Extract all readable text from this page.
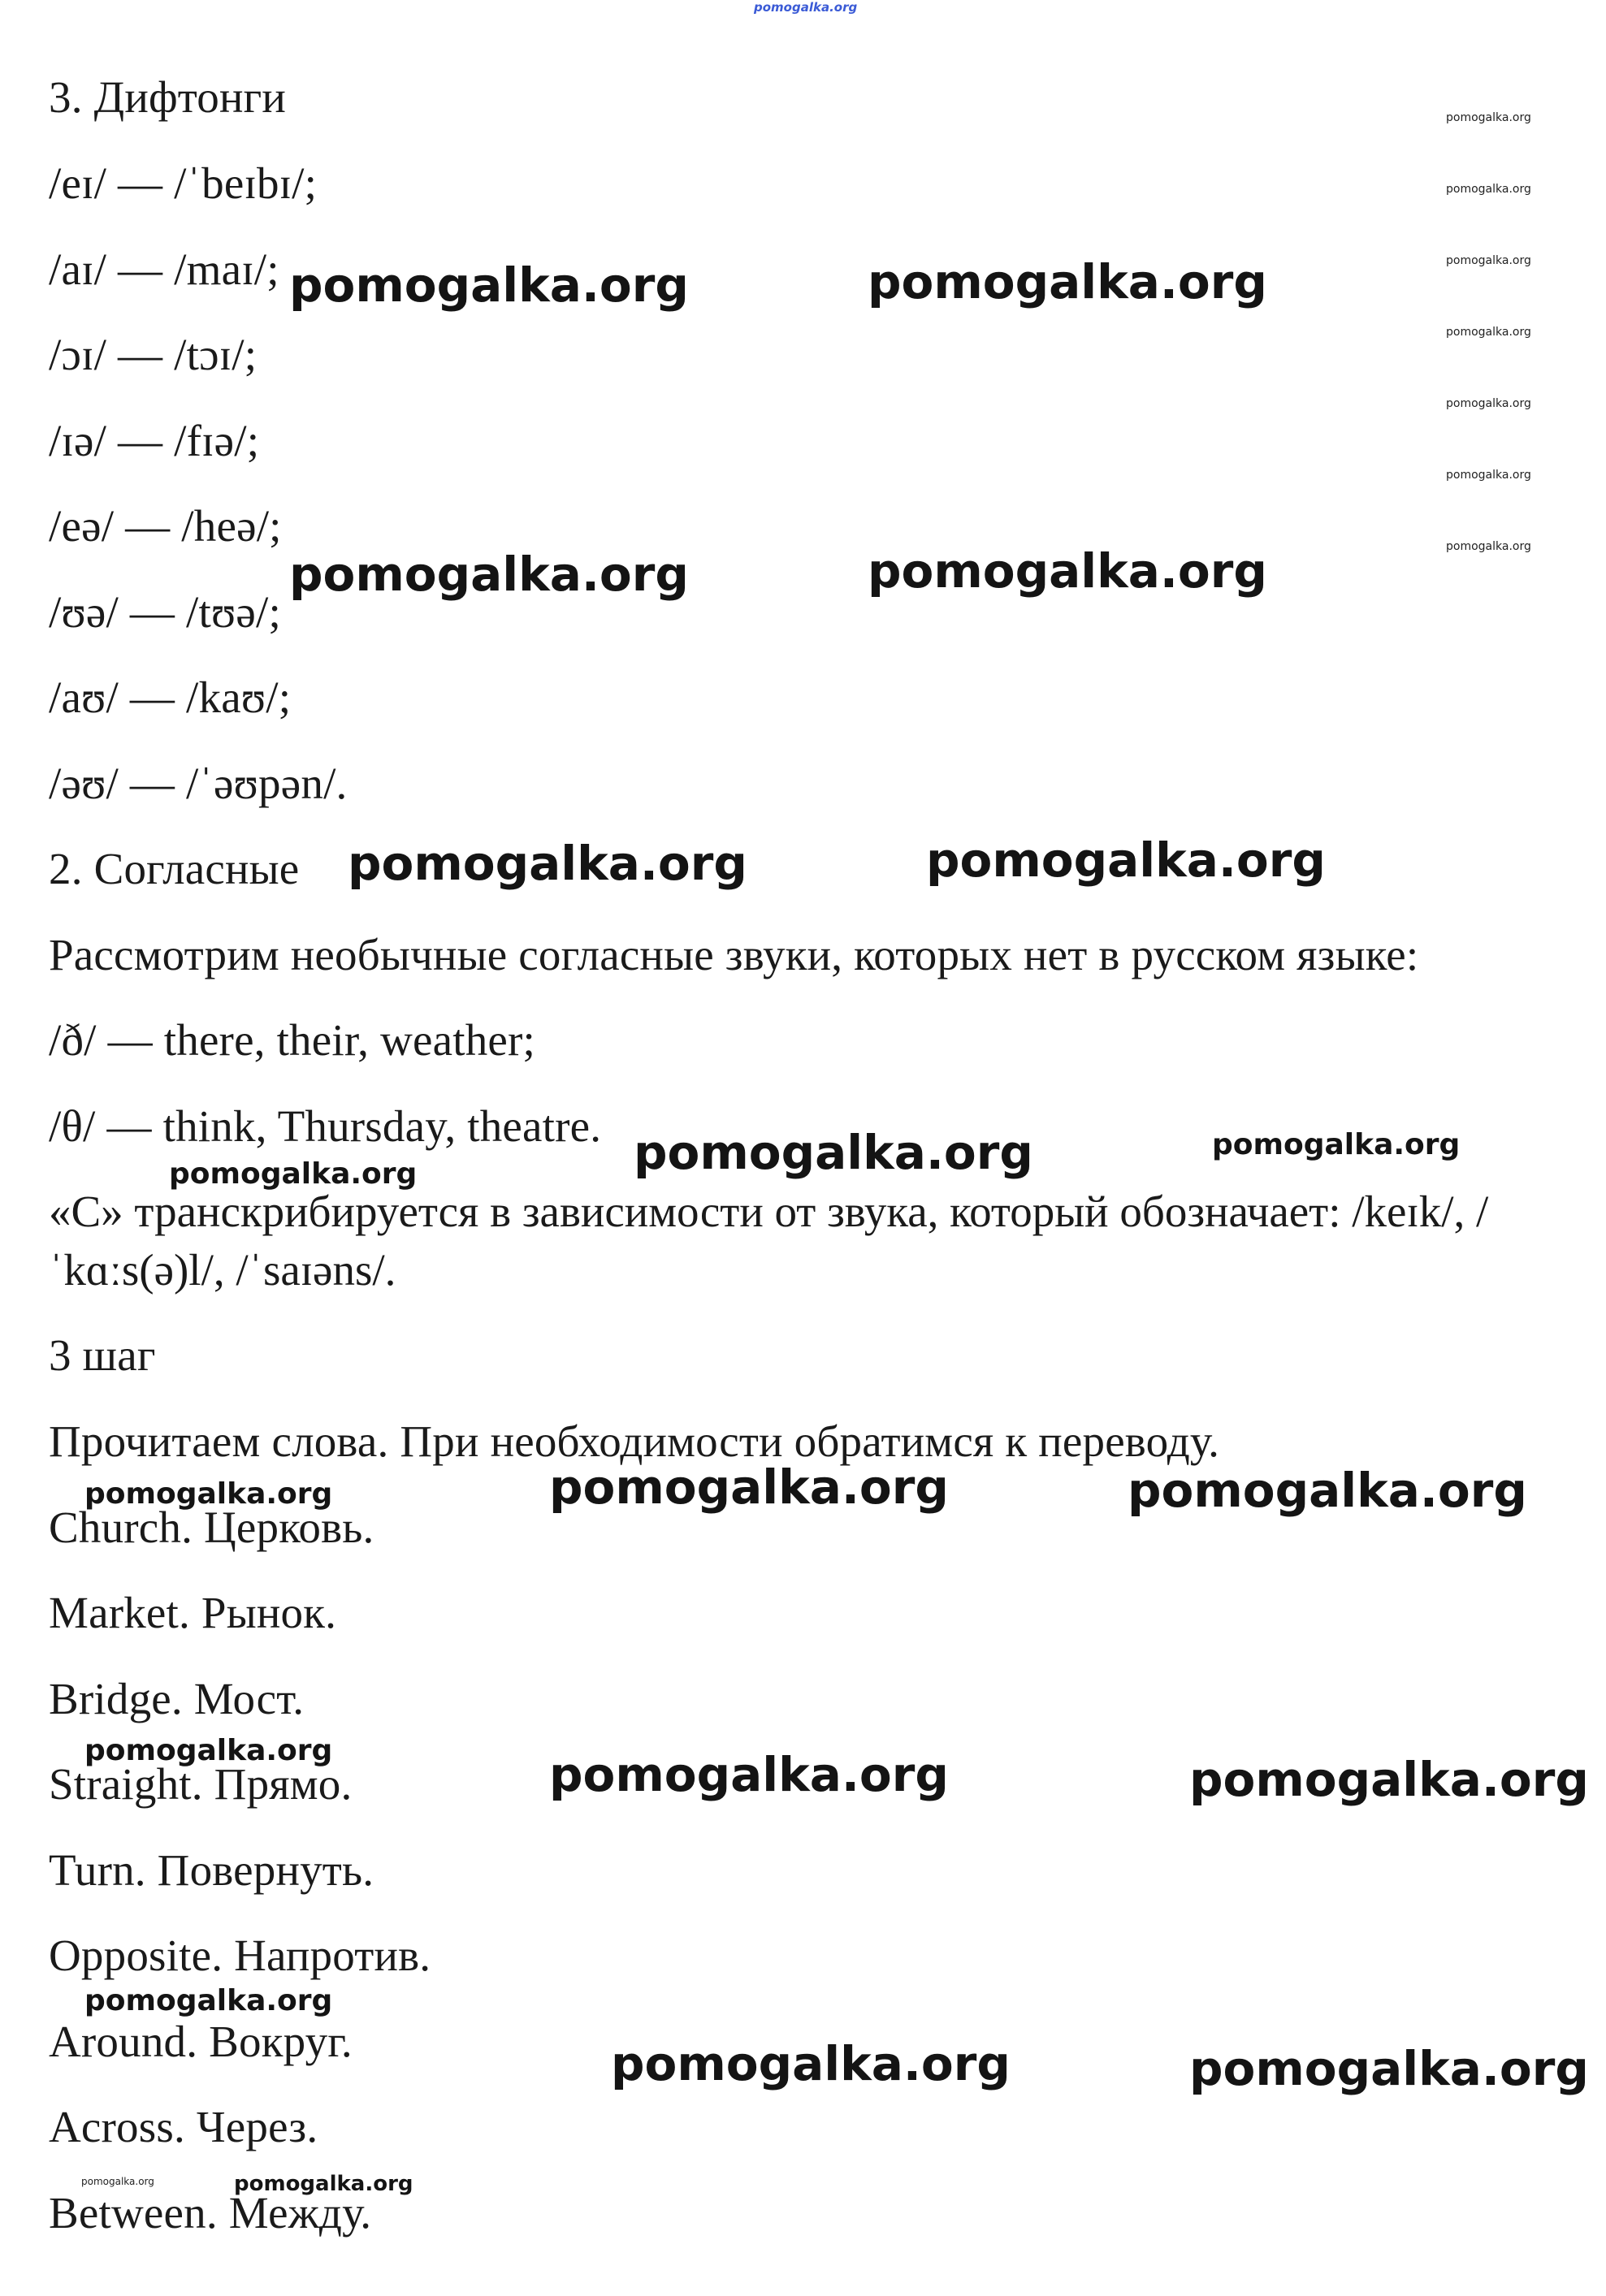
pomogalka.org
pomogalka.org
pomogalka.org
pomogalka.org
pomogalka.org
pomogalka.org
pomogalka.org
pomogalka.org
3. Дифтонги
/eɪ/ — /ˈbeɪbɪ/;
/aɪ/ — /maɪ/;
/ɔɪ/ — /tɔɪ/;
/ɪə/ — /fɪə/;
/eə/ — /heə/;
/ʊə/ — /tʊə/;
/aʊ/ — /kaʊ/;
/əʊ/ — /ˈəʊpən/.
2. Согласные
Рассмотрим необычные согласные звуки, которых нет в русском языке:
/ð/ — there, their, weather;
/θ/ — think, Thursday, theatre.
«С» транскрибируется в зависимости от звука, который обозначает: /keɪk/, /ˈkɑːs(ə)l/, /ˈsaɪəns/.
3 шаг
Прочитаем слова. При необходимости обратимся к переводу.
Church. Церковь.
Market. Рынок.
Bridge. Мост.
Straight. Прямо.
Turn. Повернуть.
Opposite. Напротив.
Around. Вокруг.
Across. Через.
Between. Между.
pomogalka.org	pomogalka.org
pomogalka.org	pomogalka.org
pomogalka.org	pomogalka.org
pomogalka.org
pomogalka.org	pomogalka.org
pomogalka.org	pomogalka.org
pomogalka.org	pomogalka.org
pomogalka.org
pomogalka.org
pomogalka.org
pomogalka.org
pomogalka.org
pomogalka.org
pomogalka.org
